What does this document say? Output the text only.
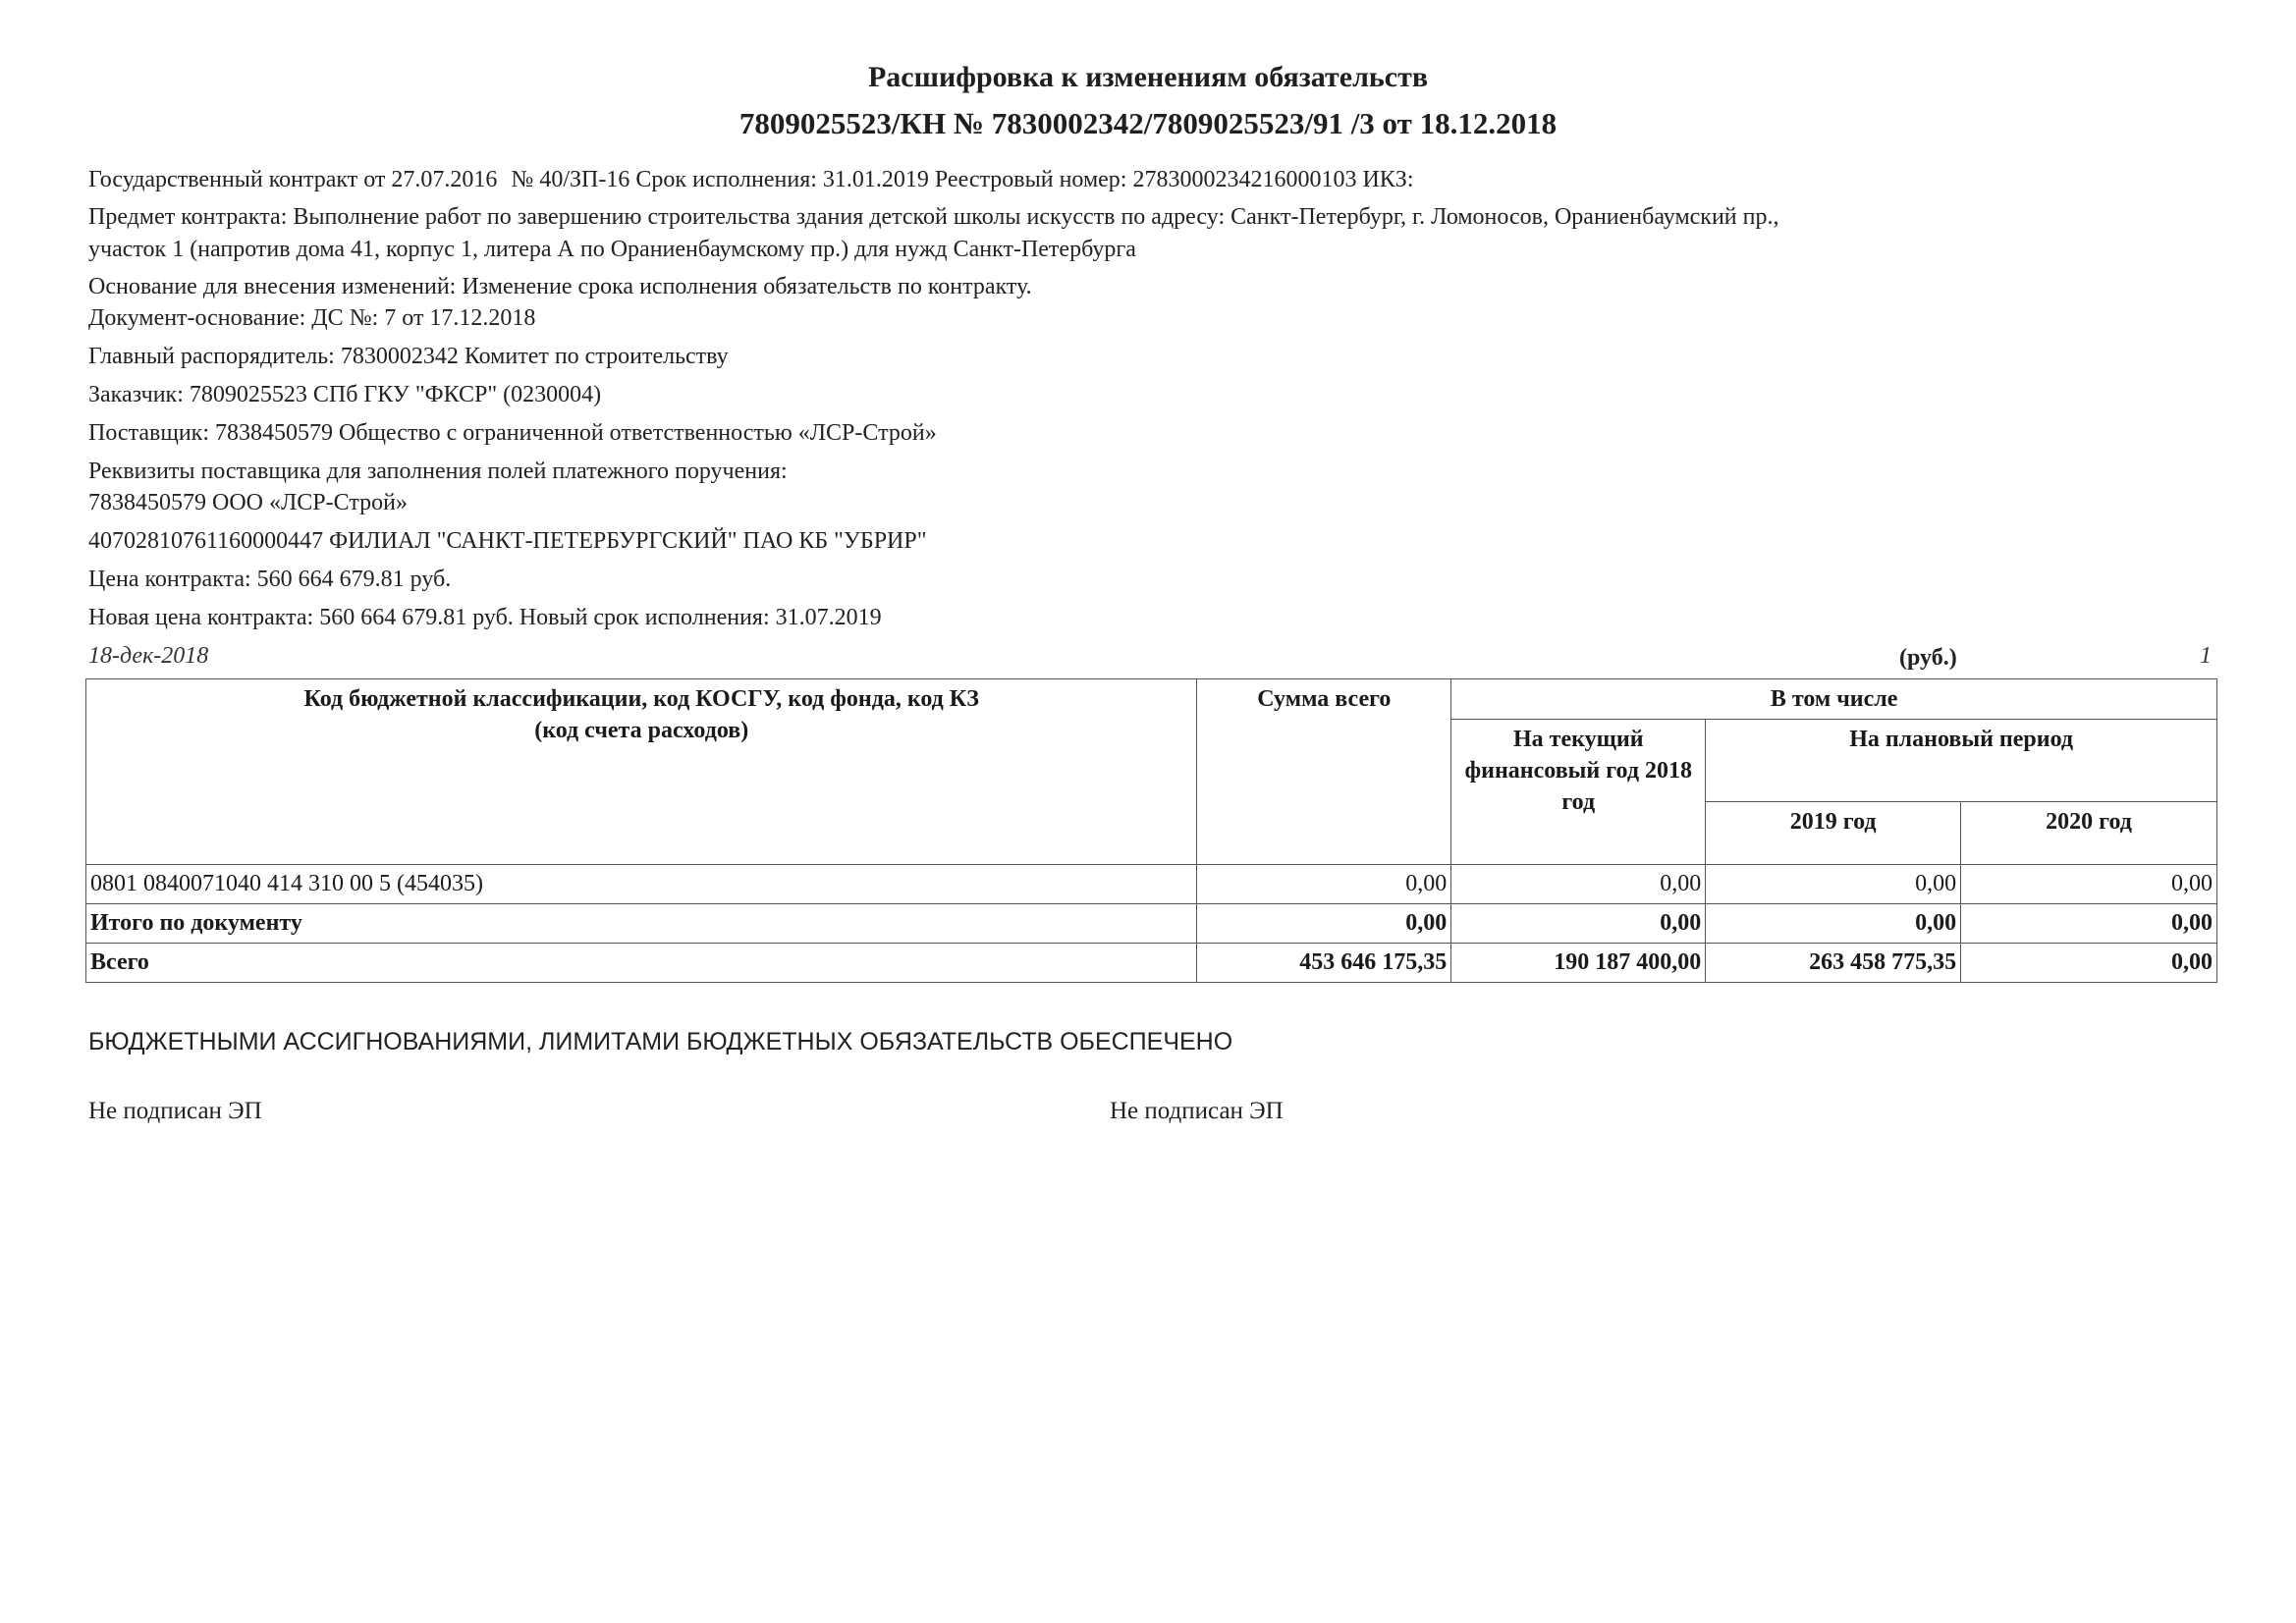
Расшифровка к изменениям обязательств
7809025523/КН № 7830002342/7809025523/91 /3 от 18.12.2018
Государственный контракт от 27.07.2016 № 40/ЗП-16 Срок исполнения: 31.01.2019 Реестровый номер: 2783000234216000103 ИКЗ:
Предмет контракта: Выполнение работ по завершению строительства здания детской школы искусств по адресу: Санкт-Петербург, г. Ломоносов, Ораниенбаумский пр.,
участок 1 (напротив дома 41, корпус 1, литера А по Ораниенбаумскому пр.) для нужд Санкт-Петербурга
Основание для внесения изменений: Изменение срока исполнения обязательств по контракту.
Документ-основание: ДС №: 7 от 17.12.2018
Главный распорядитель: 7830002342 Комитет по строительству
Заказчик: 7809025523 СПб ГКУ "ФКСР" (0230004)
Поставщик: 7838450579 Общество с ограниченной ответственностью «ЛСР-Строй»
Реквизиты поставщика для заполнения полей платежного поручения:
7838450579 ООО «ЛСР-Строй»
40702810761160000447 ФИЛИАЛ "САНКТ-ПЕТЕРБУРГСКИЙ" ПАО КБ "УБРИР"
Цена контракта: 560 664 679.81 руб.
Новая цена контракта: 560 664 679.81 руб. Новый срок исполнения: 31.07.2019
18-дек-2018	(руб.)	1
Код бюджетной классификации, код КОСГУ, код фонда, код КЗ
(код счета расходов)	Сумма всего	В том числе		
		На текущий финансовый год 2018 год	На плановый период	
			2019 год	2020 год
0801 0840071040 414 310 00 5 (454035)	0,00	0,00	0,00	0,00
Итого по документу	0,00	0,00	0,00	0,00
Всего	453 646 175,35	190 187 400,00	263 458 775,35	0,00
БЮДЖЕТНЫМИ АССИГНОВАНИЯМИ, ЛИМИТАМИ БЮДЖЕТНЫХ ОБЯЗАТЕЛЬСТВ ОБЕСПЕЧЕНО
Не подписан ЭП	Не подписан ЭП
